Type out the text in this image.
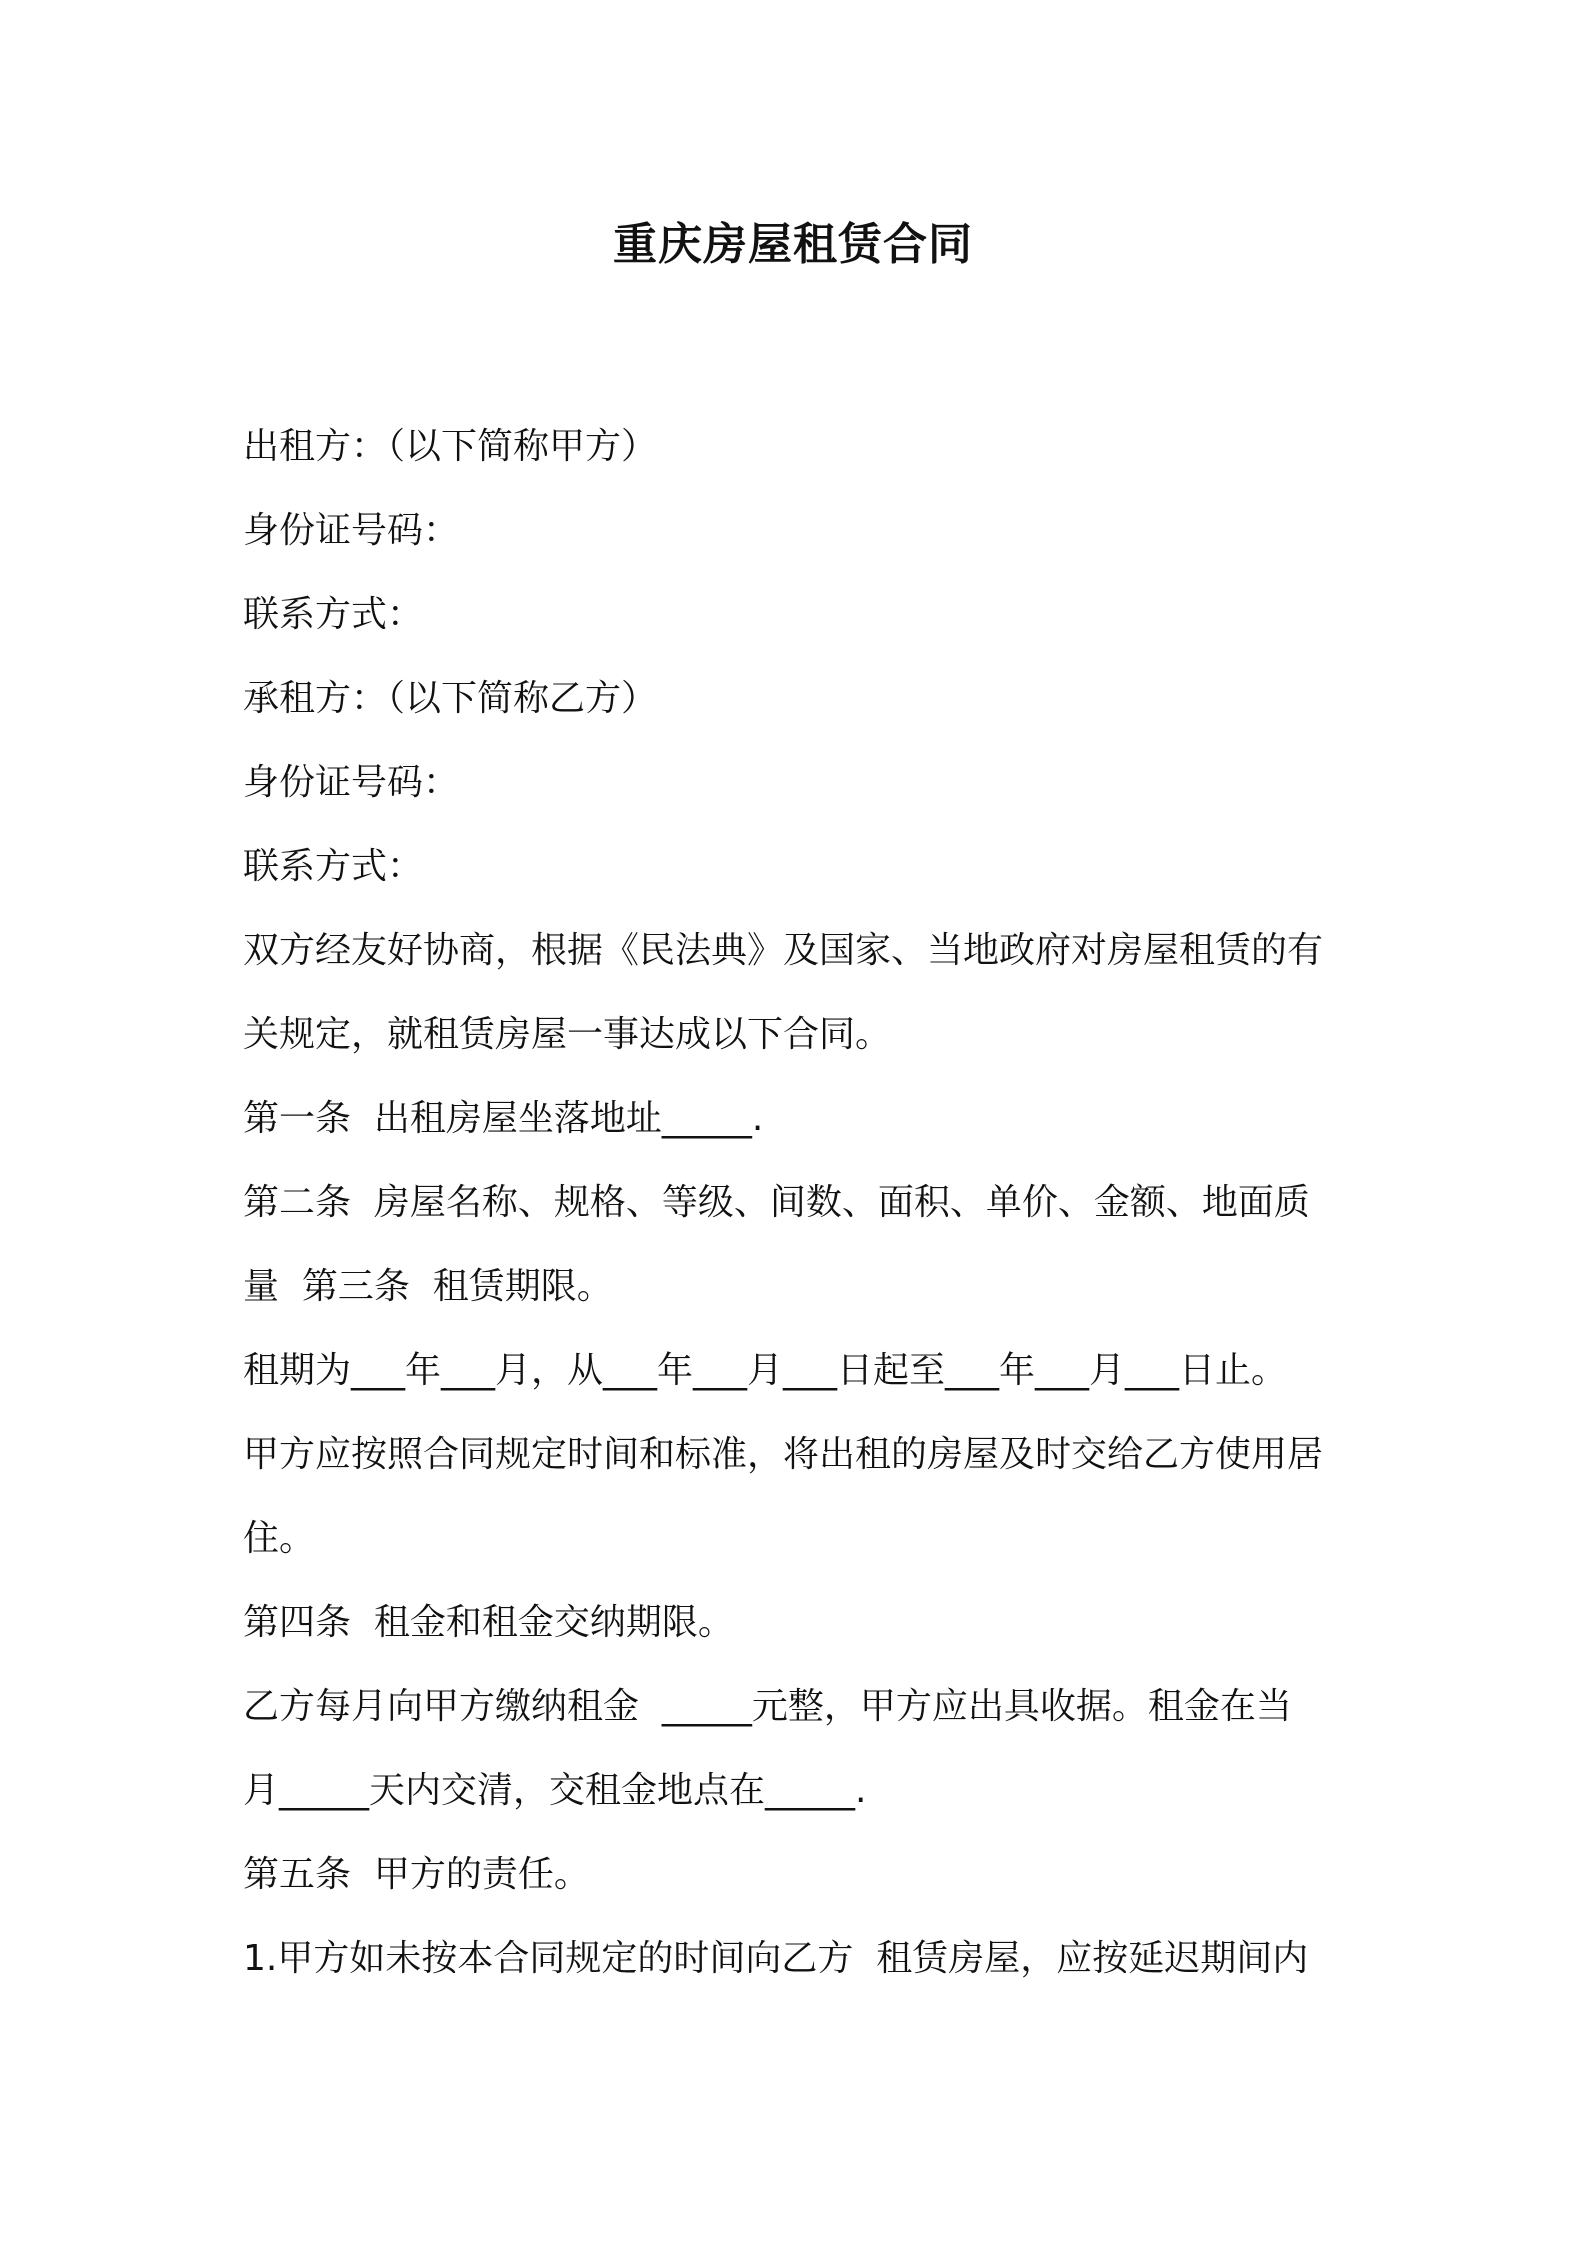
重庆房屋租赁合同
出租方：（以下简称甲方）
身份证号码：
联系方式：
承租方：（以下简称乙方）
身份证号码：
联系方式：
双方经友好协商，根据《民法典》及国家、当地政府对房屋租赁的有
关规定，就租赁房屋一事达成以下合同。
第一条  出租房屋坐落地址_____.
第二条  房屋名称、规格、等级、间数、面积、单价、金额、地面质
量  第三条  租赁期限。
租期为___年___月，从___年___月___日起至___年___月___日止。
甲方应按照合同规定时间和标准，将出租的房屋及时交给乙方使用居
住。
第四条  租金和租金交纳期限。
乙方每月向甲方缴纳租金  _____元整，甲方应出具收据。租金在当
月_____天内交清，交租金地点在_____.
第五条  甲方的责任。
1.甲方如未按本合同规定的时间向乙方  租赁房屋，应按延迟期间内
